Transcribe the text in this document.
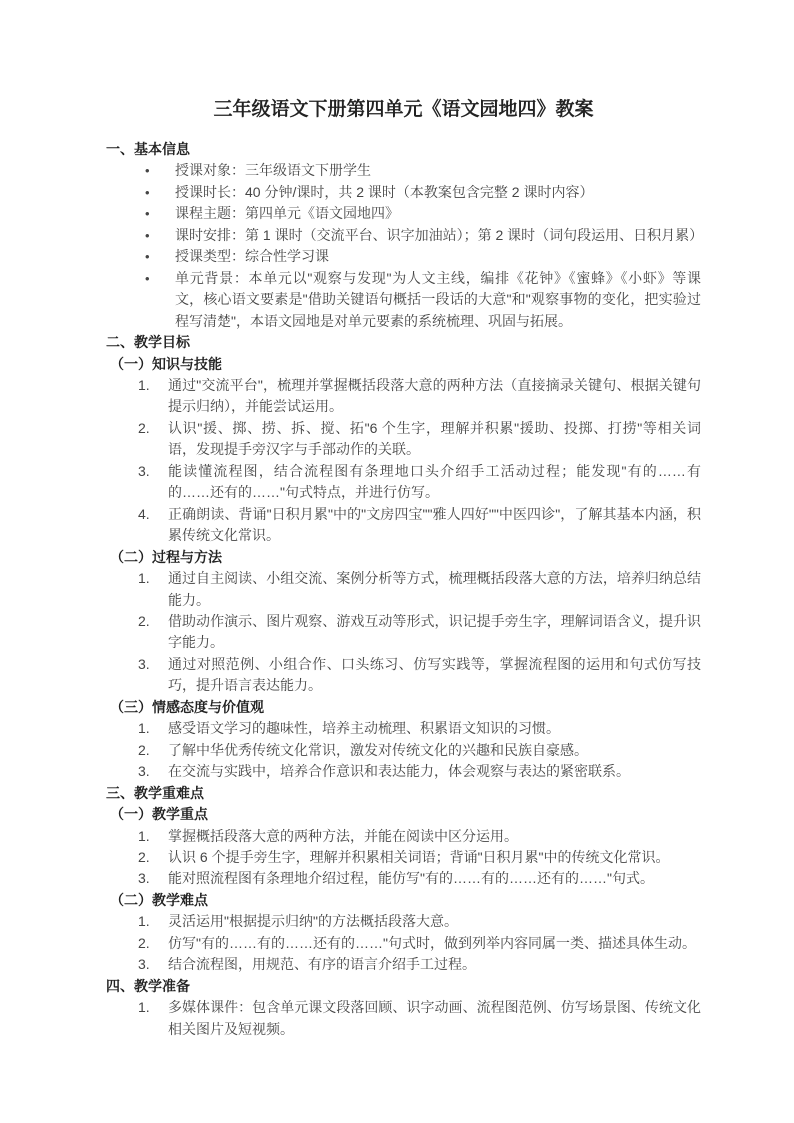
三年级语文下册第四单元《语文园地四》教案
一、基本信息
•	授课对象：三年级语文下册学生
•	授课时长：40 分钟/课时，共 2 课时（本教案包含完整 2 课时内容）
•	课程主题：第四单元《语文园地四》
•	课时安排：第 1 课时（交流平台、识字加油站）；第 2 课时（词句段运用、日积月累）
•	授课类型：综合性学习课
•	单元背景：本单元以"观察与发现"为人文主线，编排《花钟》《蜜蜂》《小虾》等课文，核心语文要素是"借助关键语句概括一段话的大意"和"观察事物的变化，把实验过程写清楚"，本语文园地是对单元要素的系统梳理、巩固与拓展。
二、教学目标
（一）知识与技能
1.	通过"交流平台"，梳理并掌握概括段落大意的两种方法（直接摘录关键句、根据关键句提示归纳），并能尝试运用。
2.	认识"援、掷、捞、拆、搅、拓"6 个生字，理解并积累"援助、投掷、打捞"等相关词语，发现提手旁汉字与手部动作的关联。
3.	能读懂流程图，结合流程图有条理地口头介绍手工活动过程；能发现"有的……有的……还有的……"句式特点，并进行仿写。
4.	正确朗读、背诵"日积月累"中的"文房四宝""雅人四好""中医四诊"，了解其基本内涵，积累传统文化常识。
（二）过程与方法
1.	通过自主阅读、小组交流、案例分析等方式，梳理概括段落大意的方法，培养归纳总结能力。
2.	借助动作演示、图片观察、游戏互动等形式，识记提手旁生字，理解词语含义，提升识字能力。
3.	通过对照范例、小组合作、口头练习、仿写实践等，掌握流程图的运用和句式仿写技巧，提升语言表达能力。
（三）情感态度与价值观
1.	感受语文学习的趣味性，培养主动梳理、积累语文知识的习惯。
2.	了解中华优秀传统文化常识，激发对传统文化的兴趣和民族自豪感。
3.	在交流与实践中，培养合作意识和表达能力，体会观察与表达的紧密联系。
三、教学重难点
（一）教学重点
1.	掌握概括段落大意的两种方法，并能在阅读中区分运用。
2.	认识 6 个提手旁生字，理解并积累相关词语；背诵"日积月累"中的传统文化常识。
3.	能对照流程图有条理地介绍过程，能仿写"有的……有的……还有的……"句式。
（二）教学难点
1.	灵活运用"根据提示归纳"的方法概括段落大意。
2.	仿写"有的……有的……还有的……"句式时，做到列举内容同属一类、描述具体生动。
3.	结合流程图，用规范、有序的语言介绍手工过程。
四、教学准备
1.	多媒体课件：包含单元课文段落回顾、识字动画、流程图范例、仿写场景图、传统文化相关图片及短视频。
